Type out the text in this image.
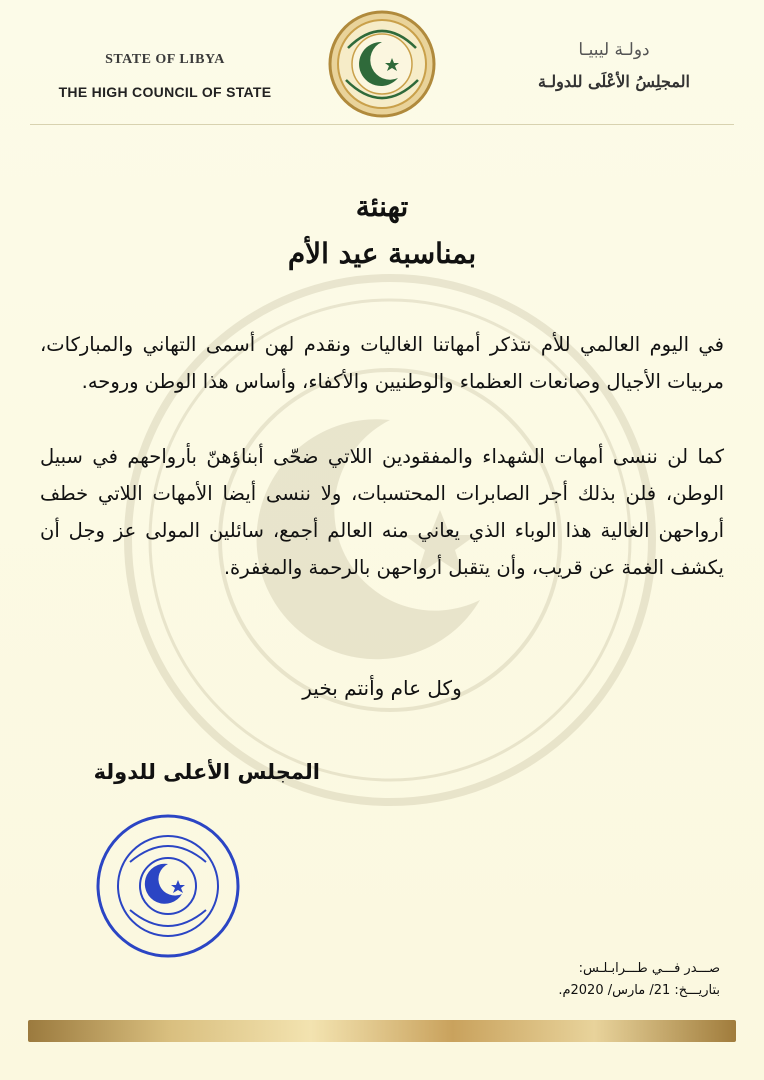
STATE OF LIBYA
THE HIGH COUNCIL OF STATE
دولـة ليبيـا
المجلِسُ الأعْلَى للدولـة
تهنئة
بمناسبة عيد الأم
في اليوم العالمي للأم نتذكر أمهاتنا الغاليات ونقدم لهن أسمى التهاني والمباركات، مربيات الأجيال وصانعات العظماء والوطنيين والأكفاء، وأساس هذا الوطن وروحه.
كما لن ننسى أمهات الشهداء والمفقودين اللاتي ضحّى أبناؤهنّ بأرواحهم في سبيل الوطن، فلن بذلك أجر الصابرات المحتسبات، ولا ننسى أيضا الأمهات اللاتي خطف أرواحهن الغالية هذا الوباء الذي يعاني منه العالم أجمع، سائلين المولى عز وجل أن يكشف الغمة عن قريب، وأن يتقبل أرواحهن بالرحمة والمغفرة.
وكل عام وأنتم بخير
المجلس الأعلى للدولة
صـــدر فـــي طـــرابـلـس:
بتاريـــخ: 21/ مارس/ 2020م.
